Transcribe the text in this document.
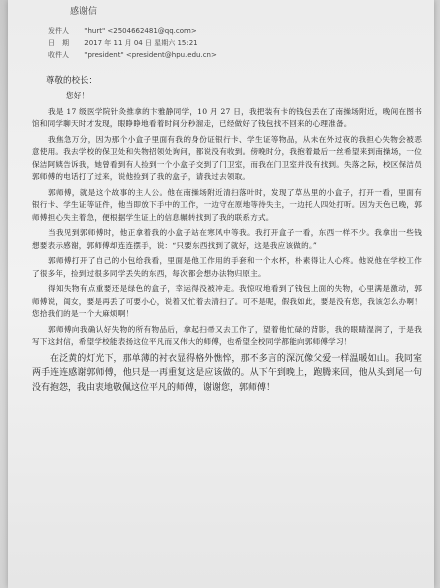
感谢信
发件人 "hurt" <2504662481@qq.com>
日　期 2017 年 11 月 04 日 星期六 15:21
收件人 "president" <president@hpu.edu.cn>
尊敬的校长：

您好！

我是 17 级医学院针灸推拿的卞雅静同学，10 月 27 日，我把装有卡的钱包丢在了南操场附近，晚间在图书馆和同学聊天时才发现，眼睁睁地看着时间分秒溜走，已经做好了钱包找不回来的心理准备。

我焦急万分，因为那个小盒子里面有我的身份证银行卡、学生证等物品，从未在外过夜的我担心失物会被恶意使用。我去学校的保卫处和失物招领处询问，都说没有收到。傍晚时分，我抱着最后一丝希望来到南操场，一位保洁阿姨告诉我，她曾看到有人捡到一个小盒子交到了门卫室，而我在门卫室并没有找到。失落之际，校区保洁员郭师傅的电话打了过来，说他捡到了我的盒子，请我过去领取。

郭师傅，就是这个故事的主人公。他在南操场附近清扫落叶时，发现了草丛里的小盒子，打开一看，里面有银行卡、学生证等证件，他当即放下手中的工作，一边守在原地等待失主，一边托人四处打听。因为天色已晚，郭师傅担心失主着急，便根据学生证上的信息辗转找到了我的联系方式。

当我见到郭师傅时，他正拿着我的小盒子站在寒风中等我。我打开盒子一看，东西一样不少。我拿出一些钱想要表示感谢，郭师傅却连连摆手，说：“只要东西找到了就好，这是我应该做的。”

郭师傅打开了自己的小包给我看，里面是他工作用的手套和一个水杯，朴素得让人心疼。他说他在学校工作了很多年，捡到过很多同学丢失的东西，每次都会想办法物归原主。

得知失物有点重要还是绿色的盒子，幸运得没被冲走。我惊叹地看到了钱包上面的失物，心里满是激动，郭师傅说，闺女，要是再丢了可要小心，说着又忙着去清扫了。可不是呢，假我如此，要是没有您，我该怎么办啊！您拾我们的是一个大麻烦啊！

郭师傅向我确认好失物的所有物品后，拿起扫帚又去工作了，望着他忙碌的背影，我的眼睛湿润了，于是我写下这封信，希望学校能表扬这位平凡而又伟大的师傅，也希望全校同学都能向郭师傅学习！

在泛黄的灯光下，那单薄的衬衣显得格外憔悴，那不多言的深沉像父爱一样温暖如山。我同室两手连连感谢郭师傅，他只是一再重复这是应该做的。从下午到晚上，跑腾来回，他从头到尾一句没有抱怨，我由衷地敬佩这位平凡的师傅，谢谢您，郭师傅！
